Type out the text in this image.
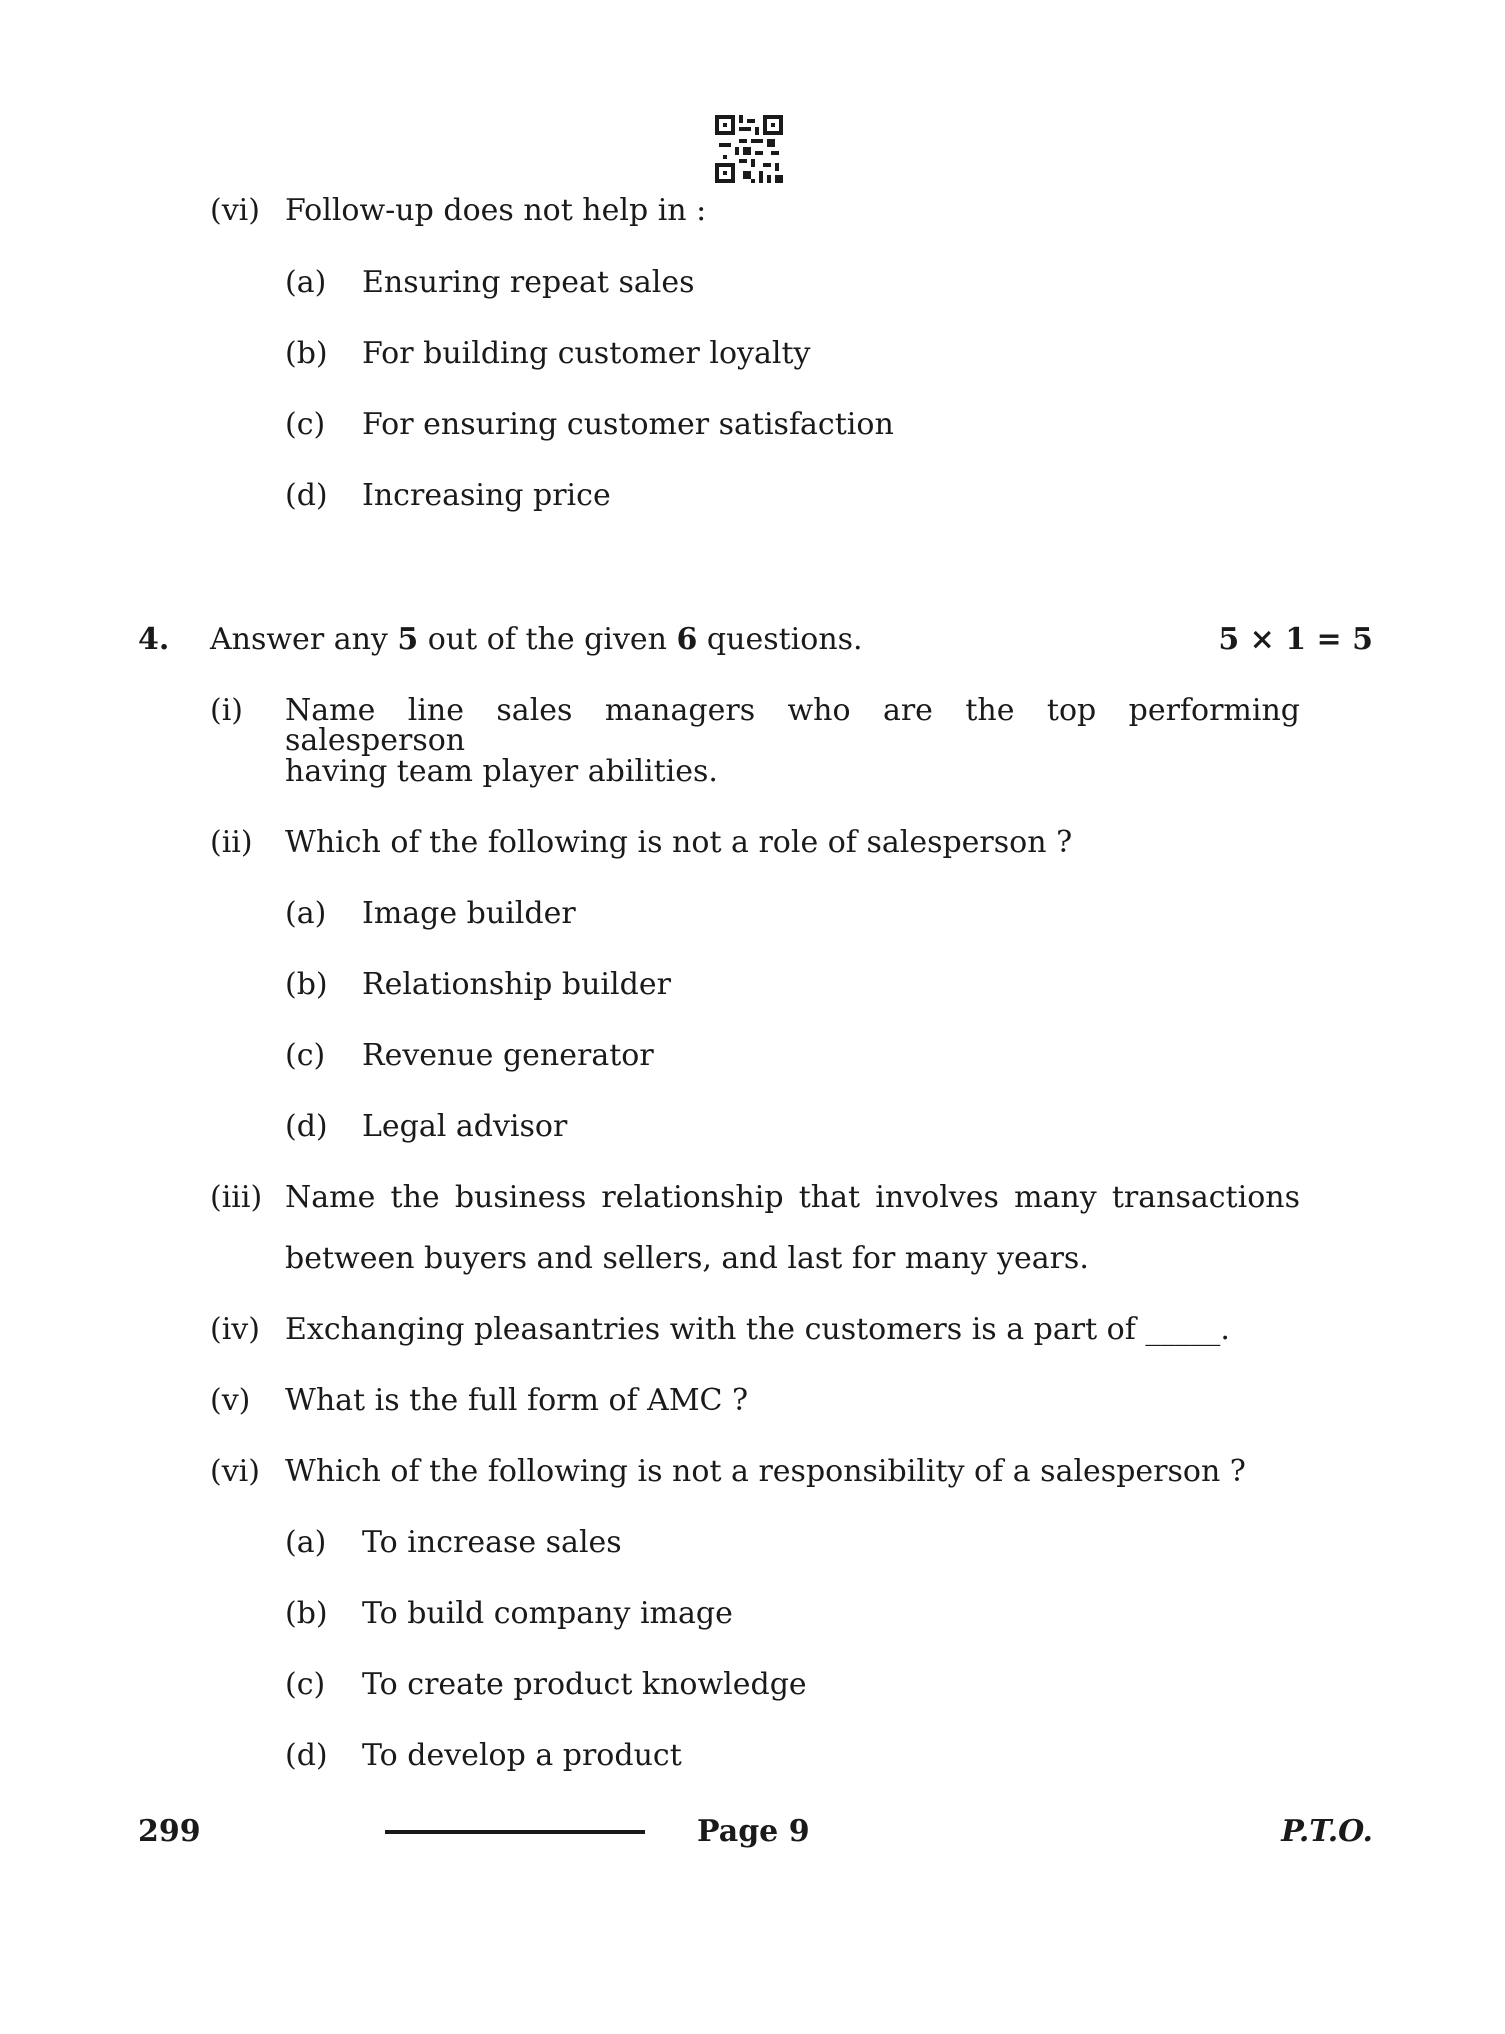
(vi) Follow-up does not help in :
(a) Ensuring repeat sales
(b) For building customer loyalty
(c) For ensuring customer satisfaction
(d) Increasing price
4. Answer any 5 out of the given 6 questions.	5 × 1 = 5
(i) Name line sales managers who are the top performing salesperson
having team player abilities.
(ii) Which of the following is not a role of salesperson ?
(a) Image builder
(b) Relationship builder
(c) Revenue generator
(d) Legal advisor
(iii) Name the business relationship that involves many transactions
between buyers and sellers, and last for many years.
(iv) Exchanging pleasantries with the customers is a part of _____.
(v) What is the full form of AMC ?
(vi) Which of the following is not a responsibility of a salesperson ?
(a) To increase sales
(b) To build company image
(c) To create product knowledge
(d) To develop a product
299	Page 9	P.T.O.
